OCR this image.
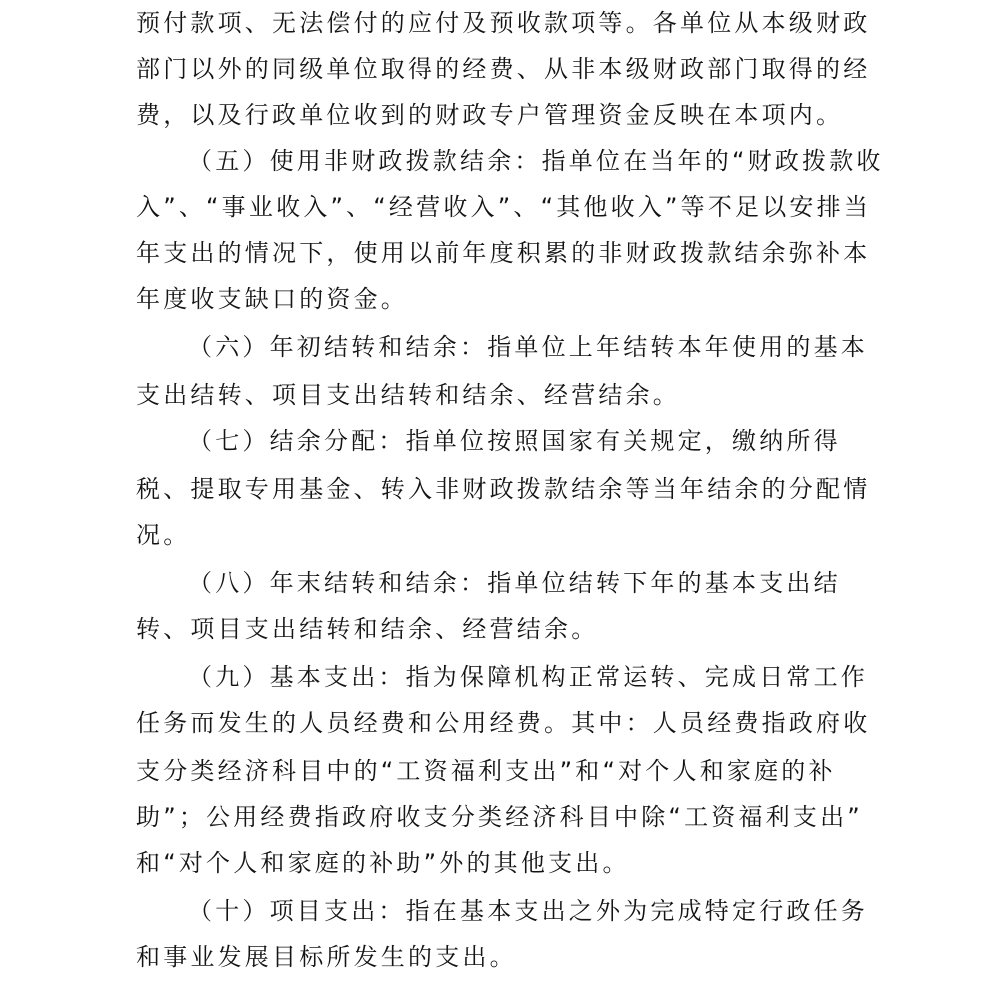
预付款项、无法偿付的应付及预收款项等。各单位从本级财政
部门以外的同级单位取得的经费、从非本级财政部门取得的经
费，以及行政单位收到的财政专户管理资金反映在本项内。
（五）使用非财政拨款结余：指单位在当年的“财政拨款收
入”、“事业收入”、“经营收入”、“其他收入”等不足以安排当
年支出的情况下，使用以前年度积累的非财政拨款结余弥补本
年度收支缺口的资金。
（六）年初结转和结余：指单位上年结转本年使用的基本
支出结转、项目支出结转和结余、经营结余。
（七）结余分配：指单位按照国家有关规定，缴纳所得
税、提取专用基金、转入非财政拨款结余等当年结余的分配情
况。
（八）年末结转和结余：指单位结转下年的基本支出结
转、项目支出结转和结余、经营结余。
（九）基本支出：指为保障机构正常运转、完成日常工作
任务而发生的人员经费和公用经费。其中：人员经费指政府收
支分类经济科目中的“工资福利支出”和“对个人和家庭的补
助”；公用经费指政府收支分类经济科目中除“工资福利支出”
和“对个人和家庭的补助”外的其他支出。
（十）项目支出：指在基本支出之外为完成特定行政任务
和事业发展目标所发生的支出。
